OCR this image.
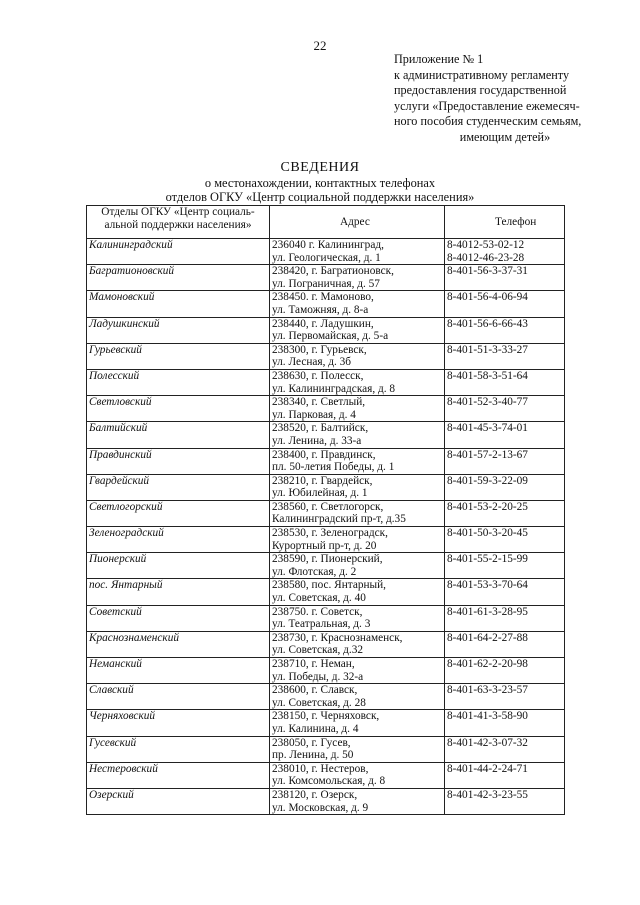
22
Приложение № 1
к административному регламенту
предоставления государственной
услуги «Предоставление ежемесяч-
ного пособия студенческим семьям,
имеющим детей»
СВЕДЕНИЯ
о местонахождении, контактных телефонах
отделов ОГКУ «Центр социальной поддержки населения»
Отделы ОГКУ «Центр социаль-
альной поддержки населения»	Адрес	Телефон
Калининградский	236040 г. Калининград,
ул. Геологическая, д. 1	8-4012-53-02-12
8-4012-46-23-28

Багратионовский	238420, г. Багратионовск,
ул. Пограничная, д. 57	8-401-56-3-37-31

Мамоновский	238450. г. Мамоново,
ул. Таможняя, д. 8-а	8-401-56-4-06-94

Ладушкинский	238440, г. Ладушкин,
ул. Первомайская, д. 5-а	8-401-56-6-66-43

Гурьевский	238300, г. Гурьевск,
ул. Лесная, д. 3б	8-401-51-3-33-27

Полесский	238630, г. Полесск,
ул. Калининградская, д. 8	8-401-58-3-51-64

Светловский	238340, г. Светлый,
ул. Парковая, д. 4	8-401-52-3-40-77

Балтийский	238520, г. Балтийск,
ул. Ленина, д. 33-а	8-401-45-3-74-01

Правдинский	238400, г. Правдинск,
пл. 50-летия Победы, д. 1	8-401-57-2-13-67

Гвардейский	238210, г. Гвардейск,
ул. Юбилейная, д. 1	8-401-59-3-22-09

Светлогорский	238560, г. Светлогорск,
Калининградский пр-т, д.35	8-401-53-2-20-25

Зеленоградский	238530, г. Зеленоградск,
Курортный пр-т, д. 20	8-401-50-3-20-45

Пионерский	238590, г. Пионерский,
ул. Флотская, д. 2	8-401-55-2-15-99

пос. Янтарный	238580, пос. Янтарный,
ул. Советская, д. 40	8-401-53-3-70-64

Советский	238750. г. Советск,
ул. Театральная, д. 3	8-401-61-3-28-95

Краснознаменский	238730, г. Краснознаменск,
ул. Советская, д.32	8-401-64-2-27-88

Неманский	238710, г. Неман,
ул. Победы, д. 32-а	8-401-62-2-20-98

Славский	238600, г. Славск,
ул. Советская, д. 28	8-401-63-3-23-57

Черняховский	238150, г. Черняховск,
ул. Калинина, д. 4	8-401-41-3-58-90

Гусевский	238050, г. Гусев,
пр. Ленина, д. 50	8-401-42-3-07-32

Нестеровский	238010, г. Нестеров,
ул. Комсомольская, д. 8	8-401-44-2-24-71

Озерский	238120, г. Озерск,
ул. Московская, д. 9	8-401-42-3-23-55
